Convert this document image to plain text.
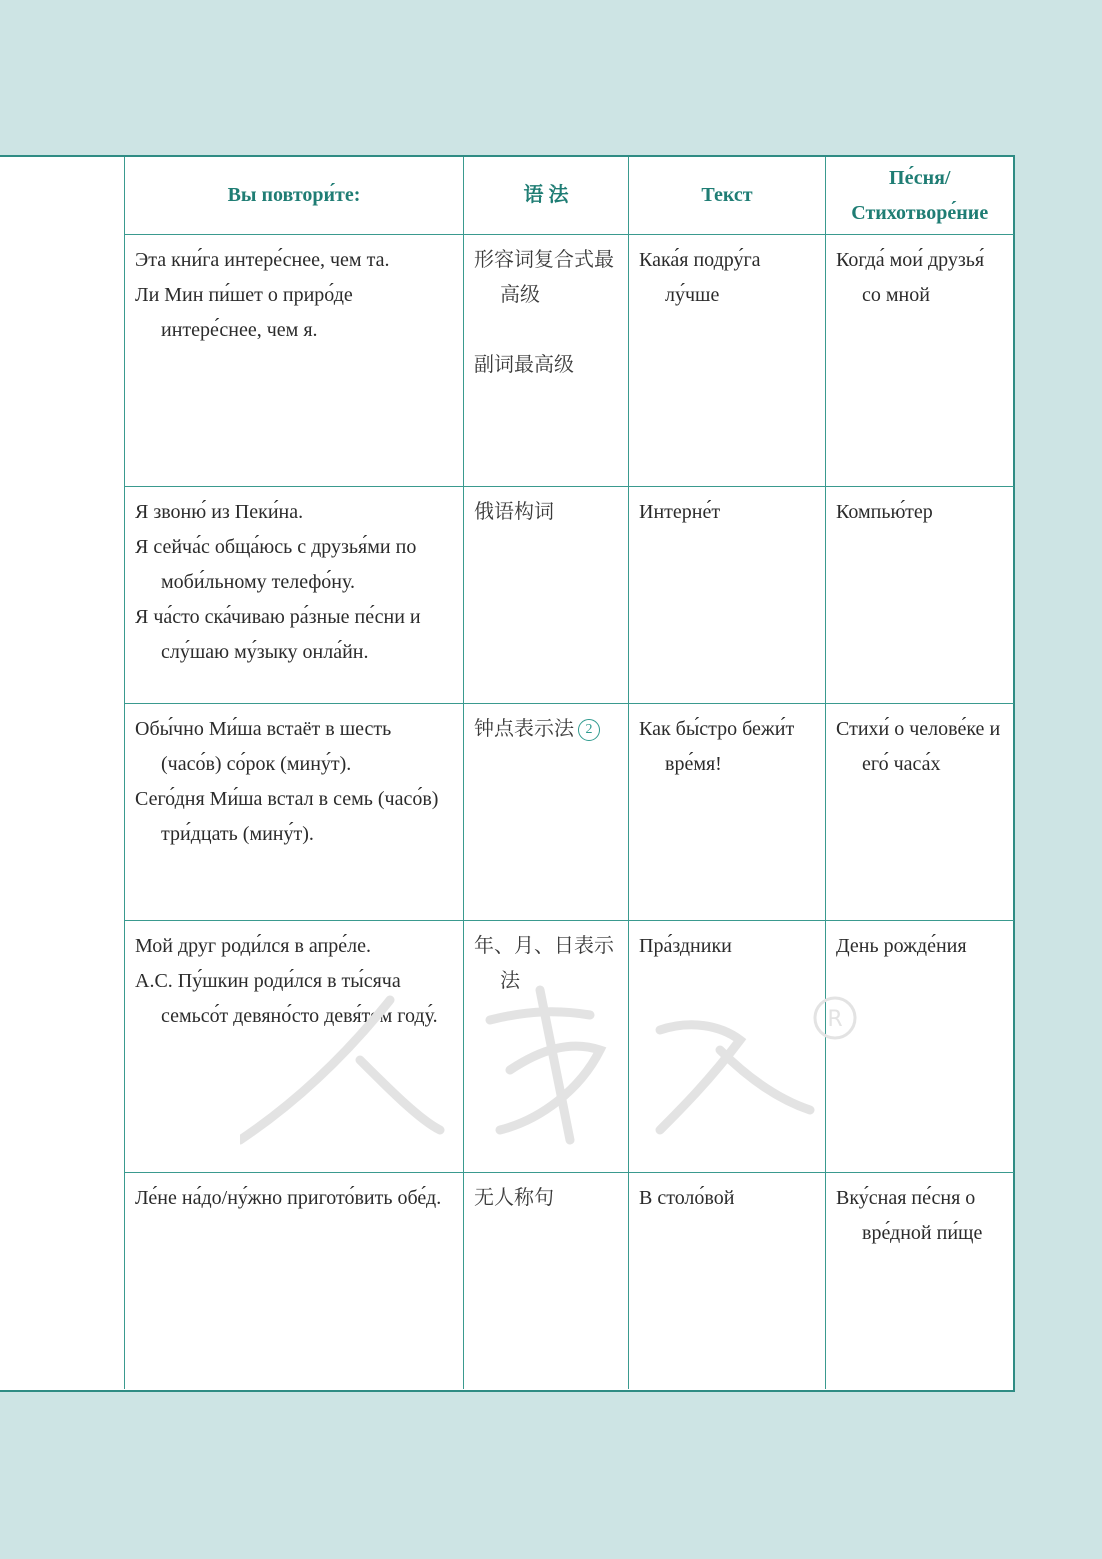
Вы повтори́те:	语 法	Текст	Пе́сня/
Стихотворе́ние

Эта кни́га интере́снее, чем та.
Ли Мин пи́шет о приро́де интере́снее, чем я.	形容词复合式最高级
副词最高级	Кака́я подру́га лу́чше	Когда́ мои́ друзья́ со мной

Я звоню́ из Пеки́на.
Я сейча́с обща́юсь с друзья́ми по моби́льному телефо́ну.
Я ча́сто ска́чиваю ра́зные пе́сни и слу́шаю му́зыку онла́йн.	俄语构词	Интерне́т	Компью́тер

Обы́чно Ми́ша встаёт в шесть (часо́в) со́рок (мину́т).
Сего́дня Ми́ша встал в семь (часо́в) три́дцать (мину́т).	钟点表示法 2	Как бы́стро бежи́т вре́мя!	Стихи́ о челове́ке и его́ часа́х

Мой друг роди́лся в апре́ле.
А.С. Пу́шкин роди́лся в ты́сяча семьсо́т девяно́сто девя́том году́.	年、月、日表示法	Пра́здники	День рожде́ния

Ле́не на́до/ну́жно пригото́вить обе́д.	无人称句	В столо́вой	Вку́сная пе́сня о вре́дной пи́ще
R
